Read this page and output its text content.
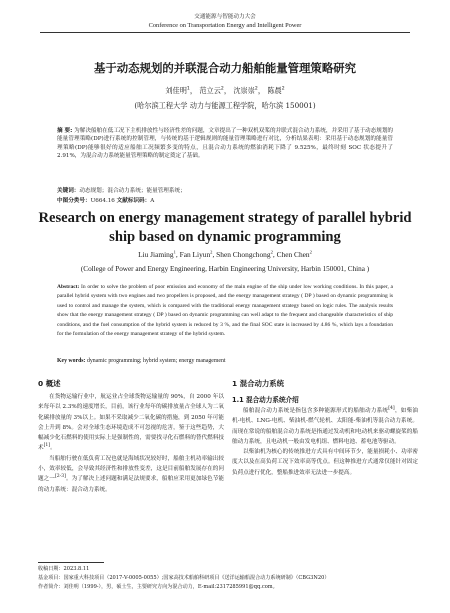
交通能源与智能动力大会
Conference on Transportation Energy and Intelligent Power
基于动态规划的并联混合动力船舶能量管理策略研究
刘佳明$^1$， 范立云$^2$， 沈崇崇$^2$， 陈晨$^2$
(哈尔滨工程大学 动力与能源工程学院，哈尔滨 150001)
摘 要: 为解决船舶在低工况下主机排放性与经济性差的问题，文章提出了一种双机双桨的并联式混合动力系统，并采用了基于动态规划的能量管理策略(DP)进行系统的控制管理，与传统的基于逻辑规则的能量管理策略进行对比，分析结果表明：采用基于动态规划的能量管理策略(DP)能够很好的适应船舶工况频繁多变的特点，且混合动力系统的燃油消耗下降了 9.525%，最终时刻 SOC 状态提升了 2.91%，为混合动力系统能量管理策略的制定奠定了基础。
关键词：动态规划；混合动力系统；能量管理系统；
中图分类号：U664.16 文献标识码：A
Research on energy management strategy of parallel hybrid ship based on dynamic programming
Liu Jiaming$^1$, Fan Liyun$^2$, Shen Chongchong$^2$, Chen Chen$^2$
(College of Power and Energy Engineering, Harbin Engineering University, Harbin 150001, China )
Abstract: In order to solve the problem of poor emission and economy of the main engine of the ship under low working conditions. In this paper, a parallel hybrid system with two engines and two propellers is proposed, and the energy management strategy ( DP ) based on dynamic programming is used to control and manage the system, which is compared with the traditional energy management strategy based on logic rules. The analysis results show that the energy management strategy ( DP ) based on dynamic programming can well adapt to the frequent and changeable characteristics of ship conditions, and the fuel consumption of the hybrid system is reduced by 3 %, and the final SOC state is increased by 4.86 %, which lays a foundation for the formulation of the energy management strategy of the hybrid system.
Key words: dynamic programming; hybrid system; energy management
0 概述

在货物运输行业中，航运业占全球货物运输量的 90%，自 2000 年以来每年以 2.3%的速度增长，目前，该行业每年的碳排放量占全球人为二氧化碳排放量的 3%以上。如果不采取减少二氧化碳的措施，到 2050 年可能会上升到 8%。会对全球生态环境造成不可忽视的危害，鉴于这些趋势，大幅减少化石燃料的使用实际上是强制性的，需要找寻化石燃料的替代燃料技术[1]。

当船舶行驶在低负荷工况也就是海域状况较好时，船舶主机功率输出较小，效率较低，会导致其经济性和排放性变差，这是目前船舶发展存在的问题之一[2-3]。为了解决上述问题和满足法规要求，船舶应采用更加绿色节能的动力系统：混合动力系统。

1 混合动力系统
1.1 混合动力系统介绍

船舶混合动力系统是指包含多种能源形式的船舶动力系统[4]，如柴油机-电机、LNG-电机、柴油机-燃气轮机、太阳能-柴油机等混合动力系统。而现在常说的船舶混合动力系统是指通过发动机和电动机来驱动螺旋桨的船舶动力系统，且电动机一般由发电机组、燃料电池、蓄电池等驱动。

以柴油机为核心的传统推进方式具有中间环节少，能量损耗小、功率密度大以及在高负荷工况下效率高等优点。但这种推进方式通常仅能针对固定负荷点进行优化，整船推进效率无法进一步提高。

收稿日期：2023.8.11
基金项目：国家重大科技项目（2017-V-0005-0055）;国家高技术船舶科研项目《送洋运输船混合动力系统研制》（CBG3N20）
作者简介：刘佳明（1999-），男，硕士生，主要研究方向为混合动力，E-mail:2317285991@qq.com。
